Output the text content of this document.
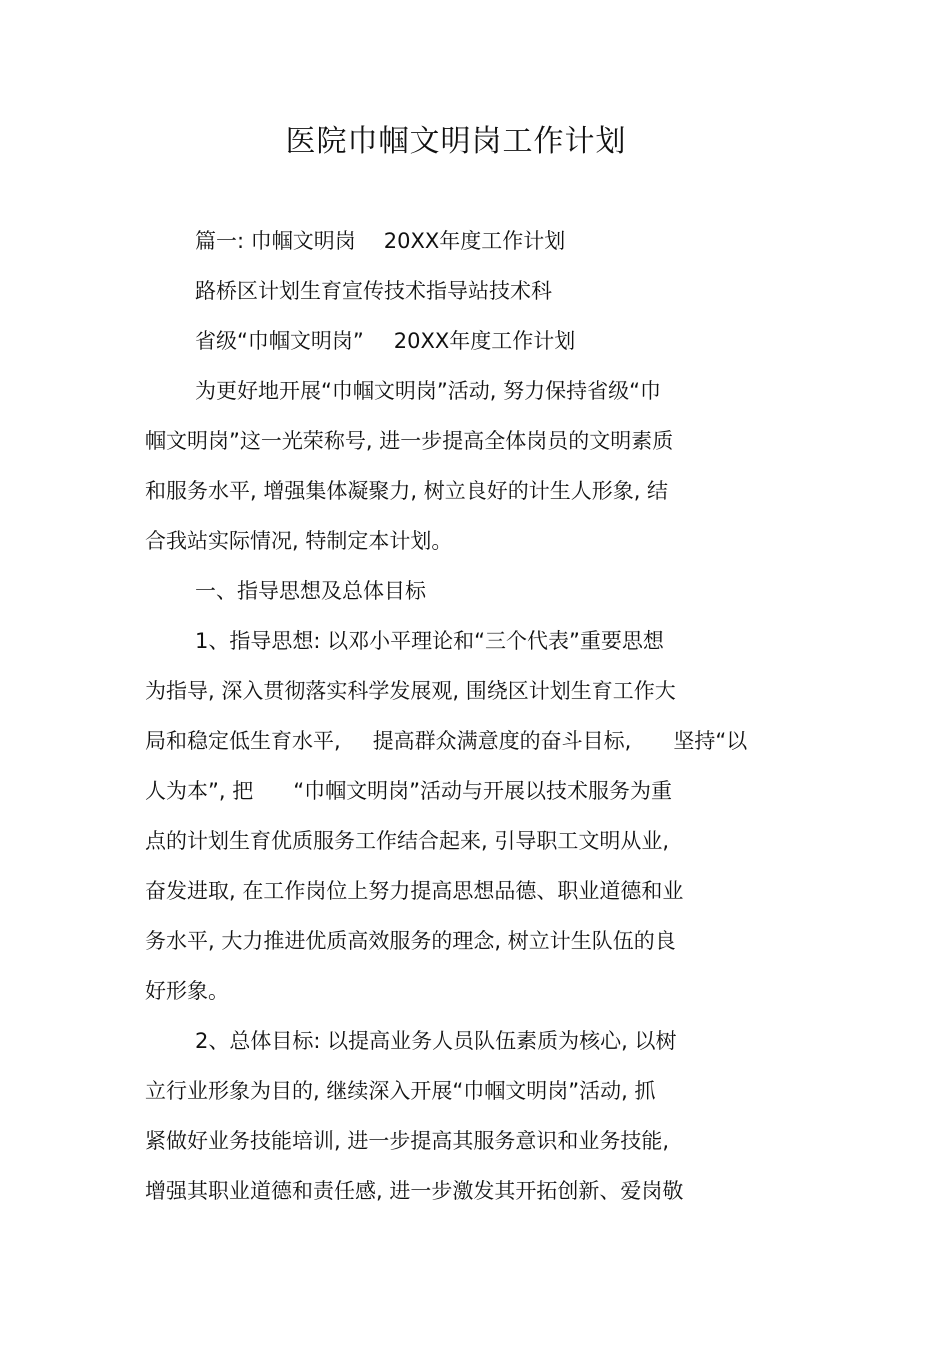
医院巾帼文明岗工作计划
篇一: 巾帼文明岗 20XX年度工作计划
路桥区计划生育宣传技术指导站技术科
省级“巾帼文明岗” 20XX年度工作计划
为更好地开展“巾帼文明岗”活动, 努力保持省级“巾
帼文明岗”这一光荣称号, 进一步提高全体岗员的文明素质
和服务水平, 增强集体凝聚力, 树立良好的计生人形象, 结
合我站实际情况, 特制定本计划。
一、指导思想及总体目标
1、指导思想: 以邓小平理论和“三个代表”重要思想
为指导, 深入贯彻落实科学发展观, 围绕区计划生育工作大
局和稳定低生育水平, 提高群众满意度的奋斗目标, 坚持“以
人为本”, 把 “巾帼文明岗”活动与开展以技术服务为重
点的计划生育优质服务工作结合起来, 引导职工文明从业,
奋发进取, 在工作岗位上努力提高思想品德、职业道德和业
务水平, 大力推进优质高效服务的理念, 树立计生队伍的良
好形象。
2、总体目标: 以提高业务人员队伍素质为核心, 以树
立行业形象为目的, 继续深入开展“巾帼文明岗”活动, 抓
紧做好业务技能培训, 进一步提高其服务意识和业务技能,
增强其职业道德和责任感, 进一步激发其开拓创新、爱岗敬
